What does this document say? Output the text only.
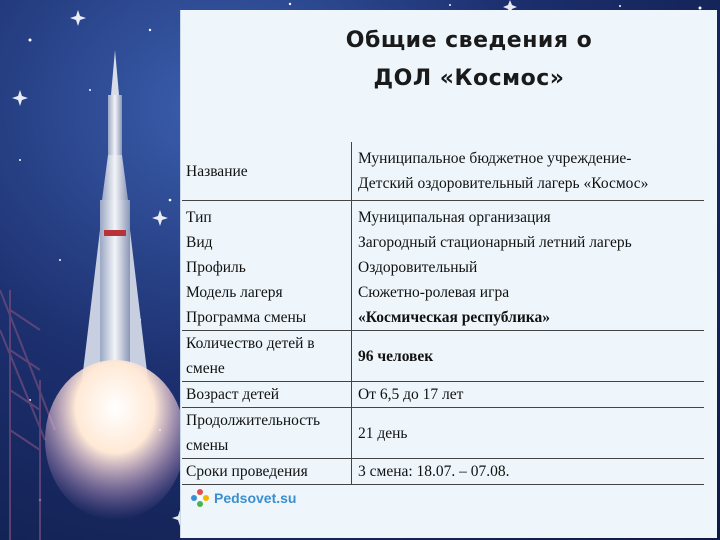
Общие сведения о
ДОЛ «Космос»
Название	Муниципальное бюджетное учреждение-
Детский оздоровительный лагерь «Космос»
Тип	Муниципальная организация
Вид	Загородный стационарный летний лагерь
Профиль	Оздоровительный
Модель лагеря	Сюжетно-ролевая игра
Программа смены	«Космическая республика»
Количество детей в
смене	96 человек
Возраст детей	От 6,5 до 17 лет
Продолжительность
смены	21 день
Сроки проведения	3 смена: 18.07. – 07.08.
Pedsovet.su
